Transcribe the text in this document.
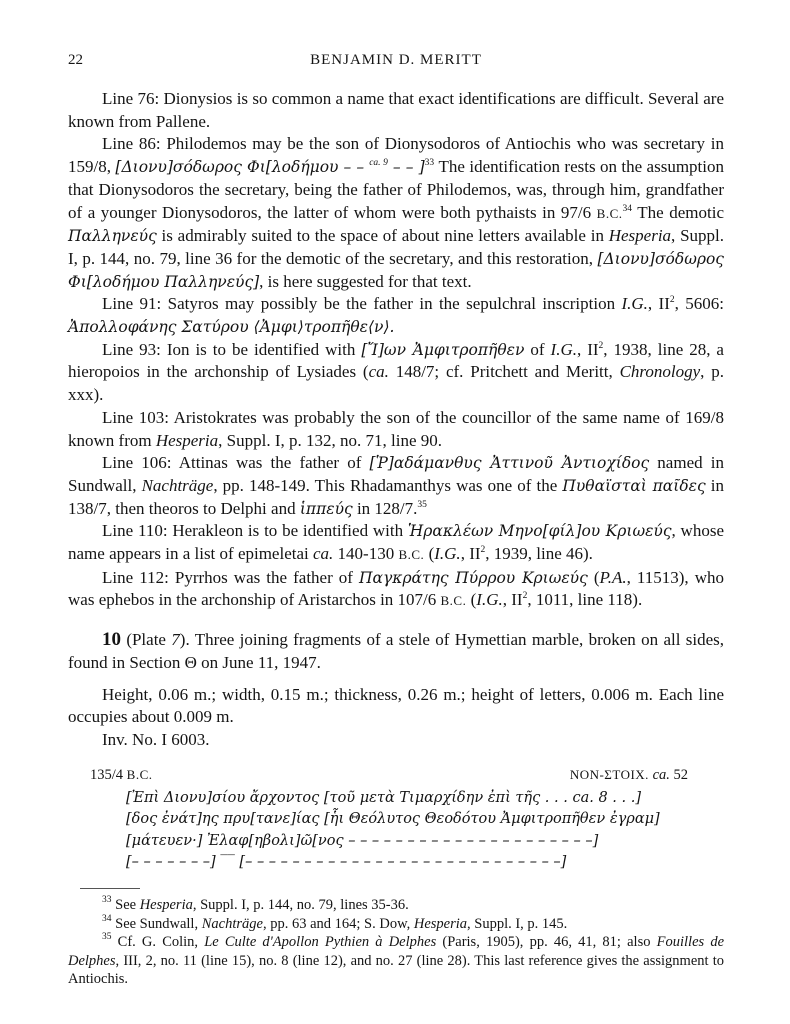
22	BENJAMIN D. MERITT

Line 76: Dionysios is so common a name that exact identifications are difficult. Several are known from Pallene.

Line 86: Philodemos may be the son of Dionysodoros of Antiochis who was secretary in 159/8, [Διονυ]σόδωρος Φι[λοδήμου – – $^{ca. 9}$ – – ]$^{33}$ The identification rests on the assumption that Dionysodoros the secretary, being the father of Philodemos, was, through him, grandfather of a younger Dionysodoros, the latter of whom were both pythaists in 97/6 B.C.$^{34}$ The demotic Παλληνεύς is admirably suited to the space of about nine letters available in Hesperia, Suppl. I, p. 144, no. 79, line 36 for the demotic of the secretary, and this restoration, [Διονυ]σόδωρος Φι[λοδήμου Παλληνεύς], is here suggested for that text.

Line 91: Satyros may possibly be the father in the sepulchral inscription I.G., $II^2$, 5606: Ἀπολλοφάνης Σατύρου ⟨Ἀμφι⟩τροπῆθε⟨ν⟩.

Line 93: Ion is to be identified with [Ἴ]ων Ἀμφιτροπῆθεν of I.G., $II^2$, 1938, line 28, a hieropoios in the archonship of Lysiades (ca. 148/7; cf. Pritchett and Meritt, Chronology, p. xxx).

Line 103: Aristokrates was probably the son of the councillor of the same name of 169/8 known from Hesperia, Suppl. I, p. 132, no. 71, line 90.

Line 106: Attinas was the father of [Ῥ]αδάμανθυς Ἀττινοῦ Ἀντιοχίδος named in Sundwall, Nachträge, pp. 148-149. This Rhadamanthys was one of the Πυθαϊσταὶ παῖδες in 138/7, then theoros to Delphi and ἱππεύς in 128/7.35

Line 110: Herakleon is to be identified with Ἡρακλέων Μηνο[φίλ]ου Κριωεύς, whose name appears in a list of epimeletai ca. 140-130 B.C. (I.G., $II^2$, 1939, line 46).

Line 112: Pyrrhos was the father of Παγκράτης Πύρρου Κριωεύς (P.A., 11513), who was ephebos in the archonship of Aristarchos in 107/6 B.C. (I.G., $II^2$, 1011, line 118).

10 (Plate 7). Three joining fragments of a stele of Hymettian marble, broken on all sides, found in Section Θ on June 11, 1947.

Height, 0.06 m.; width, 0.15 m.; thickness, 0.26 m.; height of letters, 0.006 m. Each line occupies about 0.009 m.

Inv. No. I 6003.

135/4 B.C.	NON-ΣΤΟΙΧ. ca. 52
[Ἐπὶ Διονυ]σίου ἄρχοντος [τοῦ μετὰ Τιμαρχίδην ἐπὶ τῆς . . . ca. 8 . . .]
[δος ἐνάτ]ης πρυ[τανε]ίας [ἧι Θεόλυτος Θεοδότου Ἀμφιτροπῆθεν ἐγραμ]
[μάτευεν·] Ἐλαφ[ηβολι]ῶ[νος – – – – – – – – – – – – – – – – – – – – –]
[– – – – – – –] ‾‾ [– – – – – – – – – – – – – – – – – – – – – – – – – – –]

$^{33}$ See Hesperia, Suppl. I, p. 144, no. 79, lines 35-36.

$^{34}$ See Sundwall, Nachträge, pp. 63 and 164; S. Dow, Hesperia, Suppl. I, p. 145.

$^{35}$ Cf. G. Colin, Le Culte d'Apollon Pythien à Delphes (Paris, 1905), pp. 46, 41, 81; also Fouilles de Delphes, III, 2, no. 11 (line 15), no. 8 (line 12), and no. 27 (line 28). This last reference gives the assignment to Antiochis.
